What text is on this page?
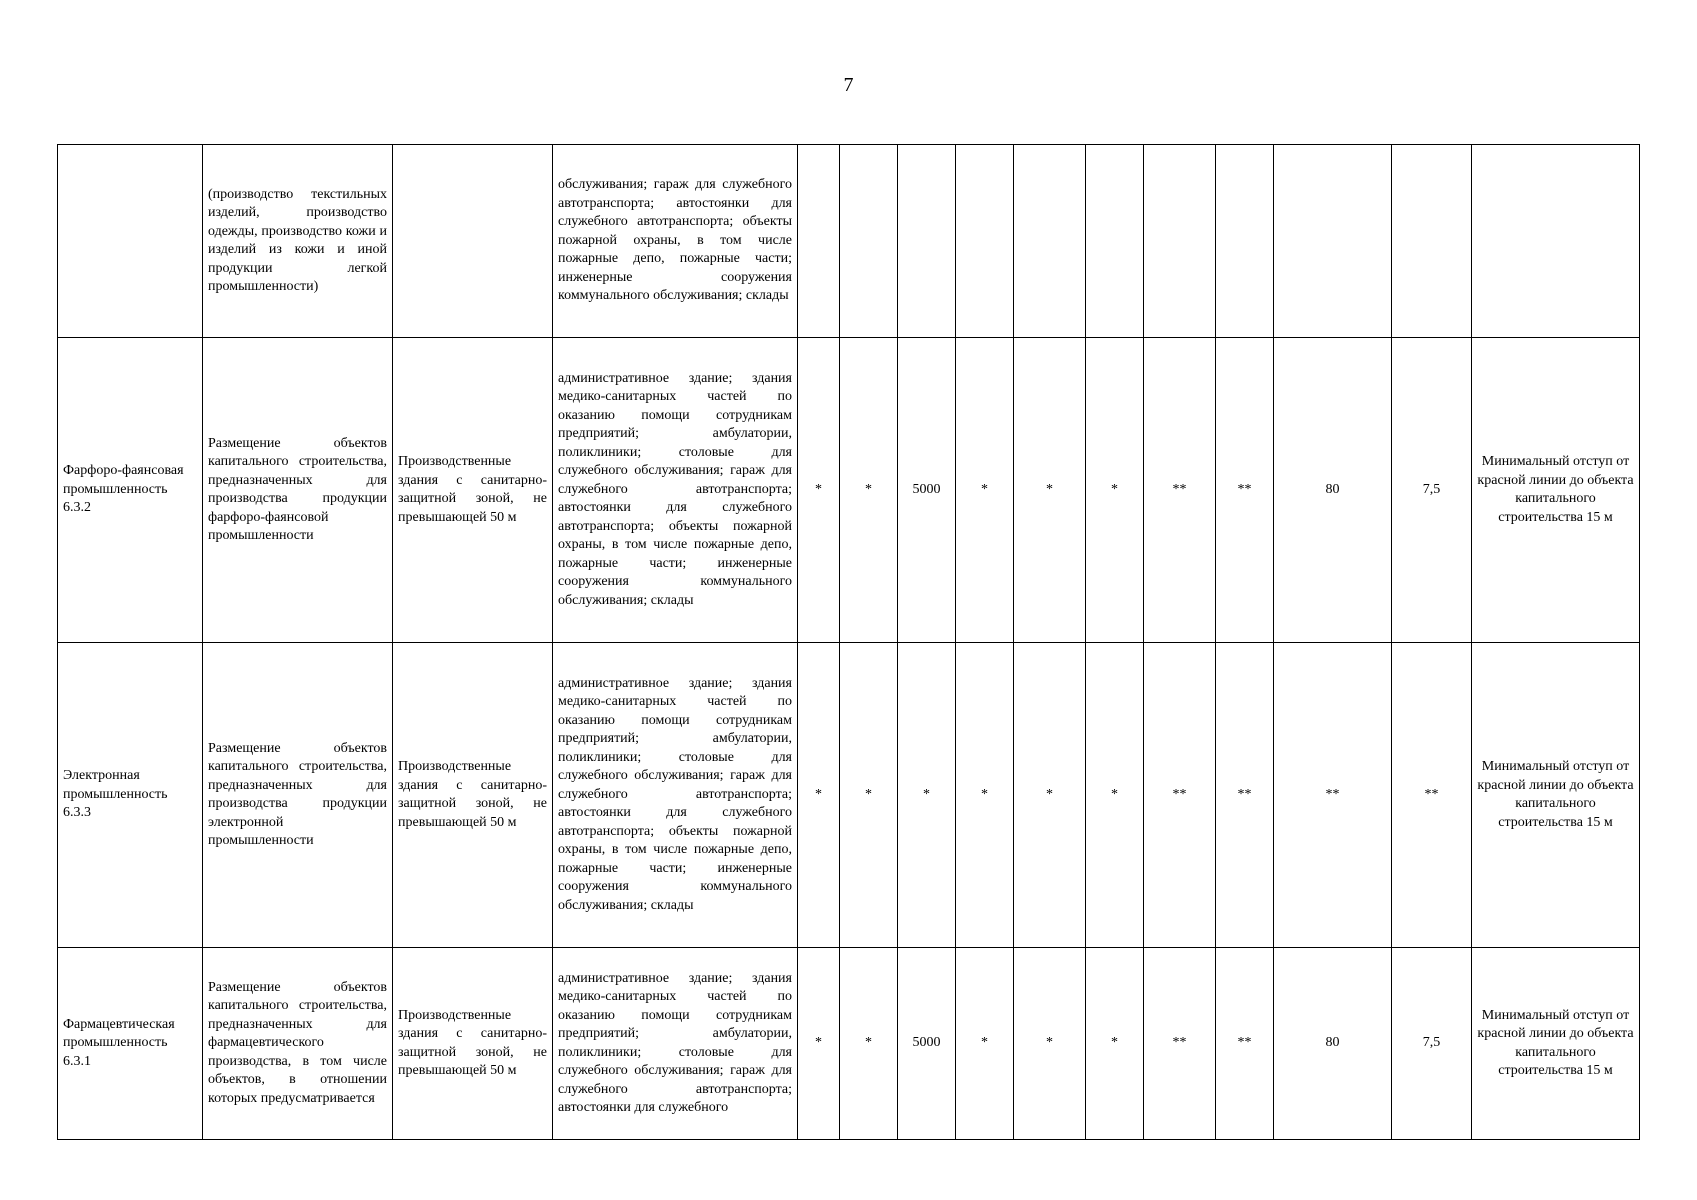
7
	(производство текстильных изделий, производство одежды, производство кожи и изделий из кожи и иной продукции легкой промышленности)		обслуживания; гараж для служебного автотранспорта; автостоянки для служебного автотранспорта; объекты пожарной охраны, в том числе пожарные депо, пожарные части; инженерные сооружения коммунального обслуживания; склады											
Фарфоро-фаянсовая промышленность 6.3.2	Размещение объектов капитального строительства, предназначенных для производства продукции фарфоро-фаянсовой промышленности	Производственные здания с санитарно-защитной зоной, не превышающей 50 м	административное здание; здания медико-санитарных частей по оказанию помощи сотрудникам предприятий; амбулатории, поликлиники; столовые для служебного обслуживания; гараж для служебного автотранспорта; автостоянки для служебного автотранспорта; объекты пожарной охраны, в том числе пожарные депо, пожарные части; инженерные сооружения коммунального обслуживания; склады	*	*	5000	*	*	*	**	**	80	7,5	Минимальный отступ от красной линии до объекта капитального строительства 15 м
Электронная промышленность 6.3.3	Размещение объектов капитального строительства, предназначенных для производства продукции электронной промышленности	Производственные здания с санитарно-защитной зоной, не превышающей 50 м	административное здание; здания медико-санитарных частей по оказанию помощи сотрудникам предприятий; амбулатории, поликлиники; столовые для служебного обслуживания; гараж для служебного автотранспорта; автостоянки для служебного автотранспорта; объекты пожарной охраны, в том числе пожарные депо, пожарные части; инженерные сооружения коммунального обслуживания; склады	*	*	*	*	*	*	**	**	**	**	Минимальный отступ от красной линии до объекта капитального строительства 15 м
Фармацевтическая промышленность 6.3.1	Размещение объектов капитального строительства, предназначенных для фармацевтического производства, в том числе объектов, в отношении которых предусматривается	Производственные здания с санитарно-защитной зоной, не превышающей 50 м	административное здание; здания медико-санитарных частей по оказанию помощи сотрудникам предприятий; амбулатории, поликлиники; столовые для служебного обслуживания; гараж для служебного автотранспорта; автостоянки для служебного	*	*	5000	*	*	*	**	**	80	7,5	Минимальный отступ от красной линии до объекта капитального строительства 15 м
